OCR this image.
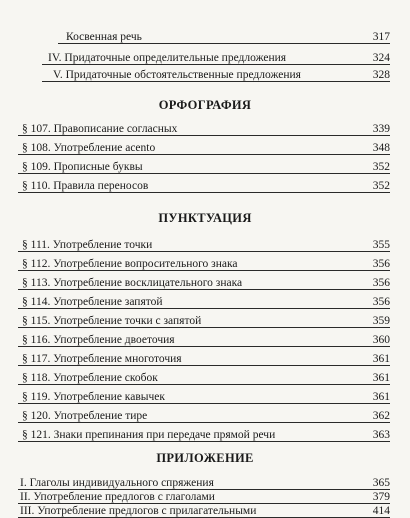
Косвенная речь	317
IV. Придаточные определительные предложения	324
V. Придаточные обстоятельственные предложения	328
ОРФОГРАФИЯ
§ 107. Правописание согласных	339
§ 108. Употребление acento	348
§ 109. Прописные буквы	352
§ 110. Правила переносов	352
ПУНКТУАЦИЯ
§ 111. Употребление точки	355
§ 112. Употребление вопросительного знака	356
§ 113. Употребление восклицательного знака	356
§ 114. Употребление запятой	356
§ 115. Употребление точки с запятой	359
§ 116. Употребление двоеточия	360
§ 117. Употребление многоточия	361
§ 118. Употребление скобок	361
§ 119. Употребление кавычек	361
§ 120. Употребление тире	362
§ 121. Знаки препинания при передаче прямой речи	363
ПРИЛОЖЕНИЕ
I. Глаголы индивидуального спряжения	365
II. Употребление предлогов с глаголами	379
III. Употребление предлогов с прилагательными	414
